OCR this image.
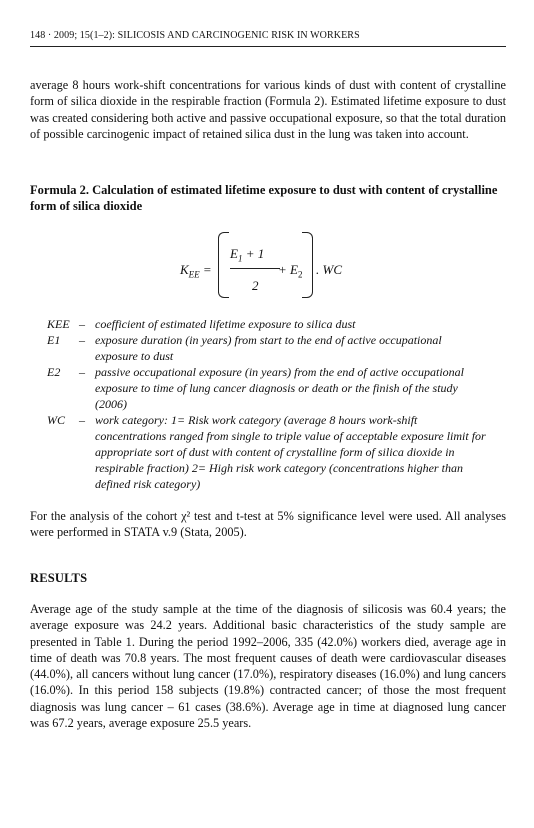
148 · 2009; 15(1–2): SILICOSIS AND CARCINOGENIC RISK IN WORKERS

average 8 hours work-shift concentrations for various kinds of dust with content of crystalline form of silica dioxide in the respirable fraction (Formula 2). Estimated lifetime exposure to dust was created considering both active and passive occupational exposure, so that the total duration of possible carcinogenic impact of retained silica dust in the lung was taken into account.

Formula 2. Calculation of estimated lifetime exposure to dust with content of crystalline form of silica dioxide

$K_{EE}$ =
$E_1 + 1$
2
+ $E_2$ . WC
KEE – coefficient of estimated lifetime exposure to silica dust
E1	– exposure duration (in years) from start to the end of active occupational exposure to dust
E2	– passive occupational exposure (in years) from the end of active occupational exposure to time of lung cancer diagnosis or death or the finish of the study (2006)
WC	– work category: 1= Risk work category (average 8 hours work-shift concentrations ranged from single to triple value of acceptable exposure limit for appropriate sort of dust with content of crystalline form of silica dioxide in respirable fraction) 2= High risk work category (concentrations higher than defined risk category)

For the analysis of the cohort χ² test and t-test at 5% significance level were used. All analyses were performed in STATA v.9 (Stata, 2005).

RESULTS

Average age of the study sample at the time of the diagnosis of silicosis was 60.4 years; the average exposure was 24.2 years. Additional basic characteristics of the study sample are presented in Table 1. During the period 1992–2006, 335 (42.0%) workers died, average age in time of death was 70.8 years. The most frequent causes of death were cardiovascular diseases (44.0%), all cancers without lung cancer (17.0%), respiratory diseases (16.0%) and lung cancers (16.0%). In this period 158 subjects (19.8%) contracted cancer; of those the most frequent diagnosis was lung cancer – 61 cases (38.6%). Average age in time at diagnosed lung cancer was 67.2 years, average exposure 25.5 years.
